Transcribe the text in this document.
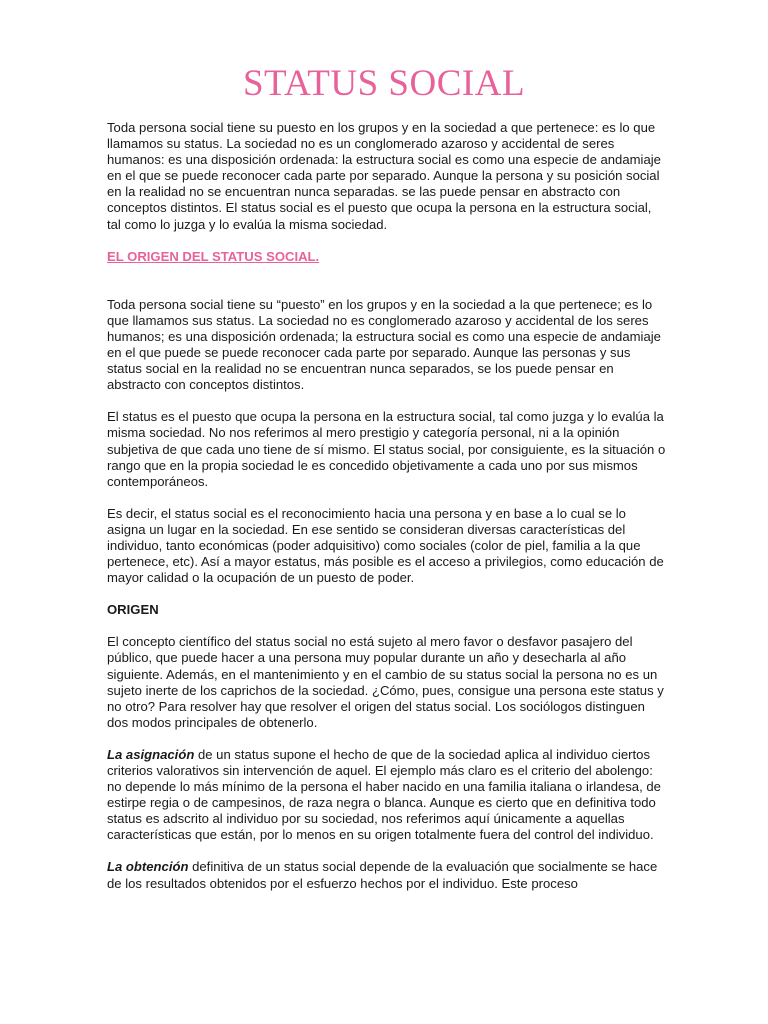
STATUS SOCIAL

Toda persona social tiene su puesto en los grupos y en la sociedad a que pertenece: es lo que llamamos su status. La sociedad no es un conglomerado azaroso y accidental de seres humanos: es una disposición ordenada: la estructura social es como una especie de andamiaje en el que se puede reconocer cada parte por separado. Aunque la persona y su posición social en la realidad no se encuentran nunca separadas. se las puede pensar en abstracto con conceptos distintos. El status social es el puesto que ocupa la persona en la estructura social, tal como lo juzga y lo evalúa la misma sociedad.

EL ORIGEN DEL STATUS SOCIAL.

Toda persona social tiene su “puesto” en los grupos y en la sociedad a la que pertenece; es lo que llamamos sus status. La sociedad no es conglomerado azaroso y accidental de los seres humanos; es una disposición ordenada; la estructura social es como una especie de andamiaje en el que puede se puede reconocer cada parte por separado. Aunque las personas y sus status social en la realidad no se encuentran nunca separados, se los puede pensar en abstracto con conceptos distintos.

El status es el puesto que ocupa la persona en la estructura social, tal como juzga y lo evalúa la misma sociedad. No nos referimos al mero prestigio y categoría personal, ni a la opinión subjetiva de que cada uno tiene de sí mismo. El status social, por consiguiente, es la situación o rango que en la propia sociedad le es concedido objetivamente a cada uno por sus mismos contemporáneos.

Es decir, el status social es el reconocimiento hacia una persona y en base a lo cual se lo asigna un lugar en la sociedad. En ese sentido se consideran diversas características del individuo, tanto económicas (poder adquisitivo) como sociales (color de piel, familia a la que pertenece, etc). Así a mayor estatus, más posible es el acceso a privilegios, como educación de mayor calidad o la ocupación de un puesto de poder.

ORIGEN

El concepto científico del status social no está sujeto al mero favor o desfavor pasajero del público, que puede hacer a una persona muy popular durante un año y desecharla al año siguiente. Además, en el mantenimiento y en el cambio de su status social la persona no es un sujeto inerte de los caprichos de la sociedad. ¿Cómo, pues, consigue una persona este status y no otro? Para resolver hay que resolver el origen del status social. Los sociólogos distinguen dos modos principales de obtenerlo.

La asignación de un status supone el hecho de que de la sociedad aplica al individuo ciertos criterios valorativos sin intervención de aquel. El ejemplo más claro es el criterio del abolengo: no depende lo más mínimo de la persona el haber nacido en una familia italiana o irlandesa, de estirpe regia o de campesinos, de raza negra o blanca. Aunque es cierto que en definitiva todo status es adscrito al individuo por su sociedad, nos referimos aquí únicamente a aquellas características que están, por lo menos en su origen totalmente fuera del control del individuo.

La obtención definitiva de un status social depende de la evaluación que socialmente se hace de los resultados obtenidos por el esfuerzo hechos por el individuo. Este proceso
